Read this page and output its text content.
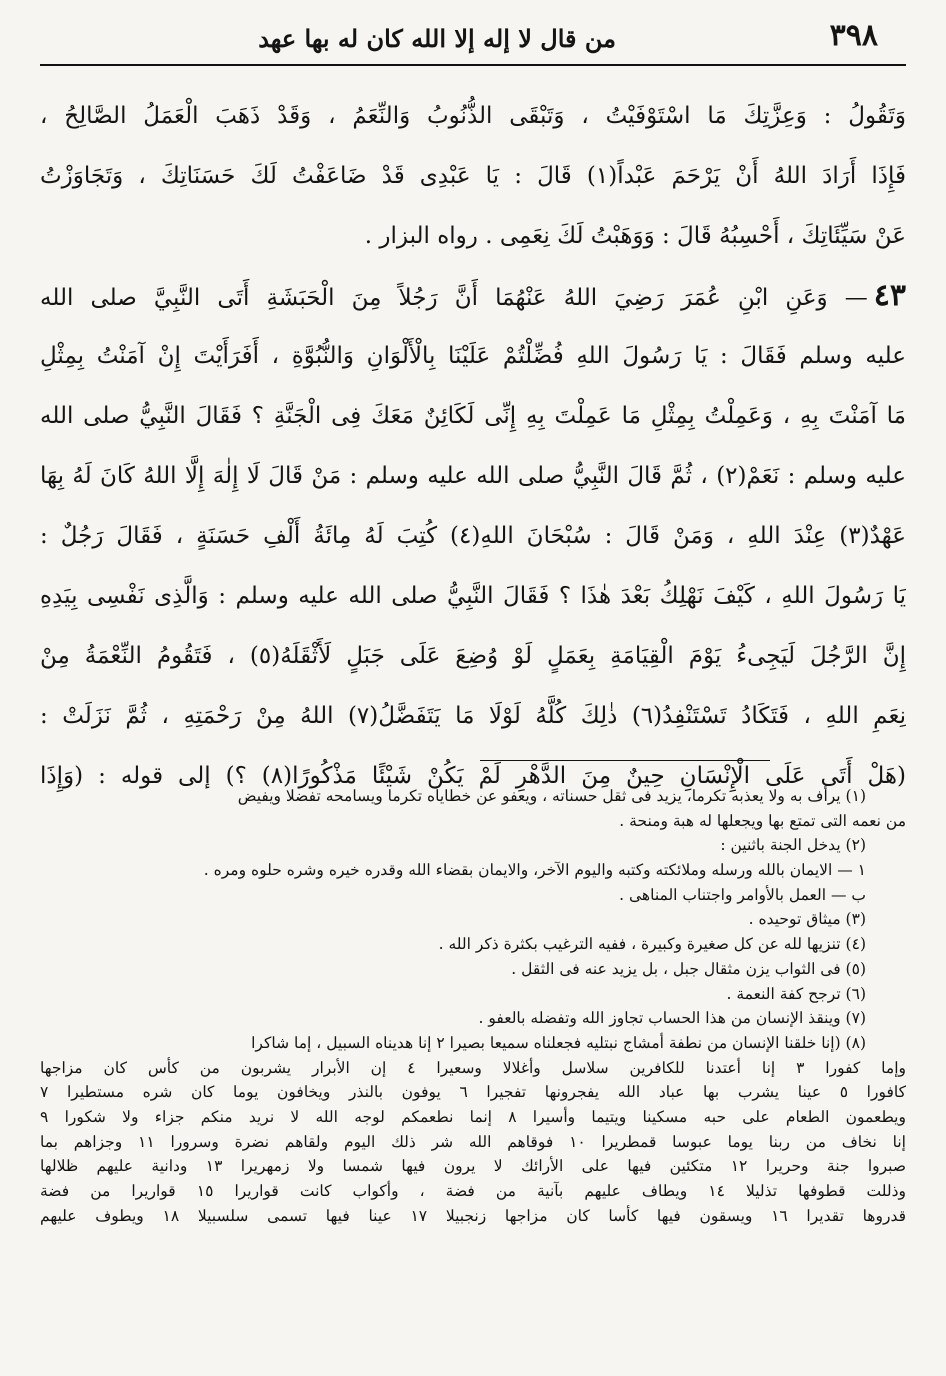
٣٩٨
من قال لا إله إلا الله كان له بها عهد
وَتَقُولُ : وَعِزَّتِكَ مَا اسْتَوْفَيْتُ ، وَتَبْقَى الذُّنُوبُ وَالنِّعَمُ ، وَقَدْ ذَهَبَ الْعَمَلُ الصَّالِحُ ،
فَإِذَا أَرَادَ اللهُ أَنْ يَرْحَمَ عَبْداً(١) قَالَ : يَا عَبْدِى قَدْ ضَاعَفْتُ لَكَ حَسَنَاتِكَ ، وَتَجَاوَزْتُ
عَنْ سَيِّئَاتِكَ ، أَحْسِبُهُ قَالَ : وَوَهَبْتُ لَكَ نِعَمِى . رواه البزار .
٤٣— وَعَنِ ابْنِ عُمَرَ رَضِيَ اللهُ عَنْهُمَا أَنَّ رَجُلاً مِنَ الْحَبَشَةِ أَتَى النَّبِيَّ صلى الله
عليه وسلم فَقَالَ : يَا رَسُولَ اللهِ فُضِّلْتُمْ عَلَيْنَا بِالْأَلْوَانِ وَالنُّبُوَّةِ ، أَفَرَأَيْتَ إِنْ آمَنْتُ بِمِثْلِ
مَا آمَنْتَ بِهِ ، وَعَمِلْتُ بِمِثْلِ مَا عَمِلْتَ بِهِ إِنِّى لَكَائِنٌ مَعَكَ فِى الْجَنَّةِ ؟ فَقَالَ النَّبِيُّ صلى الله
عليه وسلم : نَعَمْ(٢) ، ثُمَّ قَالَ النَّبِيُّ صلى الله عليه وسلم : مَنْ قَالَ لَا إِلٰهَ إِلَّا اللهُ كَانَ لَهُ بِهَا
عَهْدٌ(٣) عِنْدَ اللهِ ، وَمَنْ قَالَ : سُبْحَانَ اللهِ(٤) كُتِبَ لَهُ مِائَةُ أَلْفِ حَسَنَةٍ ، فَقَالَ رَجُلٌ :
يَا رَسُولَ اللهِ ، كَيْفَ نَهْلِكُ بَعْدَ هٰذَا ؟ فَقَالَ النَّبِيُّ صلى الله عليه وسلم : وَالَّذِى نَفْسِى بِيَدِهِ
إِنَّ الرَّجُلَ لَيَجِىءُ يَوْمَ الْقِيَامَةِ بِعَمَلٍ لَوْ وُضِعَ عَلَى جَبَلٍ لَأَثْقَلَهُ(٥) ، فَتَقُومُ النِّعْمَةُ مِنْ
نِعَمِ اللهِ ، فَتَكَادُ تَسْتَنْفِدُ(٦) ذٰلِكَ كُلَّهُ لَوْلَا مَا يَتَفَضَّلُ(٧) اللهُ مِنْ رَحْمَتِهِ ، ثُمَّ نَزَلَتْ :
(هَلْ أَتَى عَلَى الْإِنْسَانِ حِينٌ مِنَ الدَّهْرِ لَمْ يَكُنْ شَيْئًا مَذْكُورًا(٨) ؟) إلى قوله : (وَإِذَا
(١) يرأف به ولا يعذبه تكرما، يزيد فى ثقل حسناته ، ويعفو عن خطاياه تكرما ويسامحه تفضلا ويفيض
من نعمه التى تمتع بها ويجعلها له هبة ومنحة .
(٢) يدخل الجنة باثنين :
١ — الايمان بالله ورسله وملائكته وكتبه واليوم الآخر، والايمان بقضاء الله وقدره خيره وشره حلوه ومره .
ب — العمل بالأوامر واجتناب المناهى .
(٣) ميثاق توحيده .
(٤) تنزيها لله عن كل صغيرة وكبيرة ، ففيه الترغيب بكثرة ذكر الله .
(٥) فى الثواب يزن مثقال جبل ، بل يزيد عنه فى الثقل .
(٦) ترجح كفة النعمة .
(٧) وينقذ الإنسان من هذا الحساب تجاوز الله وتفضله بالعفو .
(٨) (إنا خلقنا الإنسان من نطفة أمشاج نبتليه فجعلناه سميعا بصيرا ٢ إنا هديناه السبيل ، إما شاكرا
وإما كفورا ٣ إنا أعتدنا للكافرين سلاسل وأغلالا وسعيرا ٤ إن الأبرار يشربون من كأس كان مزاجها
كافورا ٥ عينا يشرب بها عباد الله يفجرونها تفجيرا ٦ يوفون بالنذر ويخافون يوما كان شره مستطيرا ٧
ويطعمون الطعام على حبه مسكينا ويتيما وأسيرا ٨ إنما نطعمكم لوجه الله لا نريد منكم جزاء ولا شكورا ٩
إنا نخاف من ربنا يوما عبوسا قمطريرا ١٠ فوقاهم الله شر ذلك اليوم ولقاهم نضرة وسرورا ١١ وجزاهم بما
صبروا جنة وحريرا ١٢ متكئين فيها على الأرائك لا يرون فيها شمسا ولا زمهريرا ١٣ ودانية عليهم ظلالها
وذللت قطوفها تذليلا ١٤ ويطاف عليهم بآنية من فضة ، وأكواب كانت قواريرا ١٥ قواريرا من فضة
قدروها تقديرا ١٦ ويسقون فيها كأسا كان مزاجها زنجبيلا ١٧ عينا فيها تسمى سلسبيلا ١٨ ويطوف عليهم
